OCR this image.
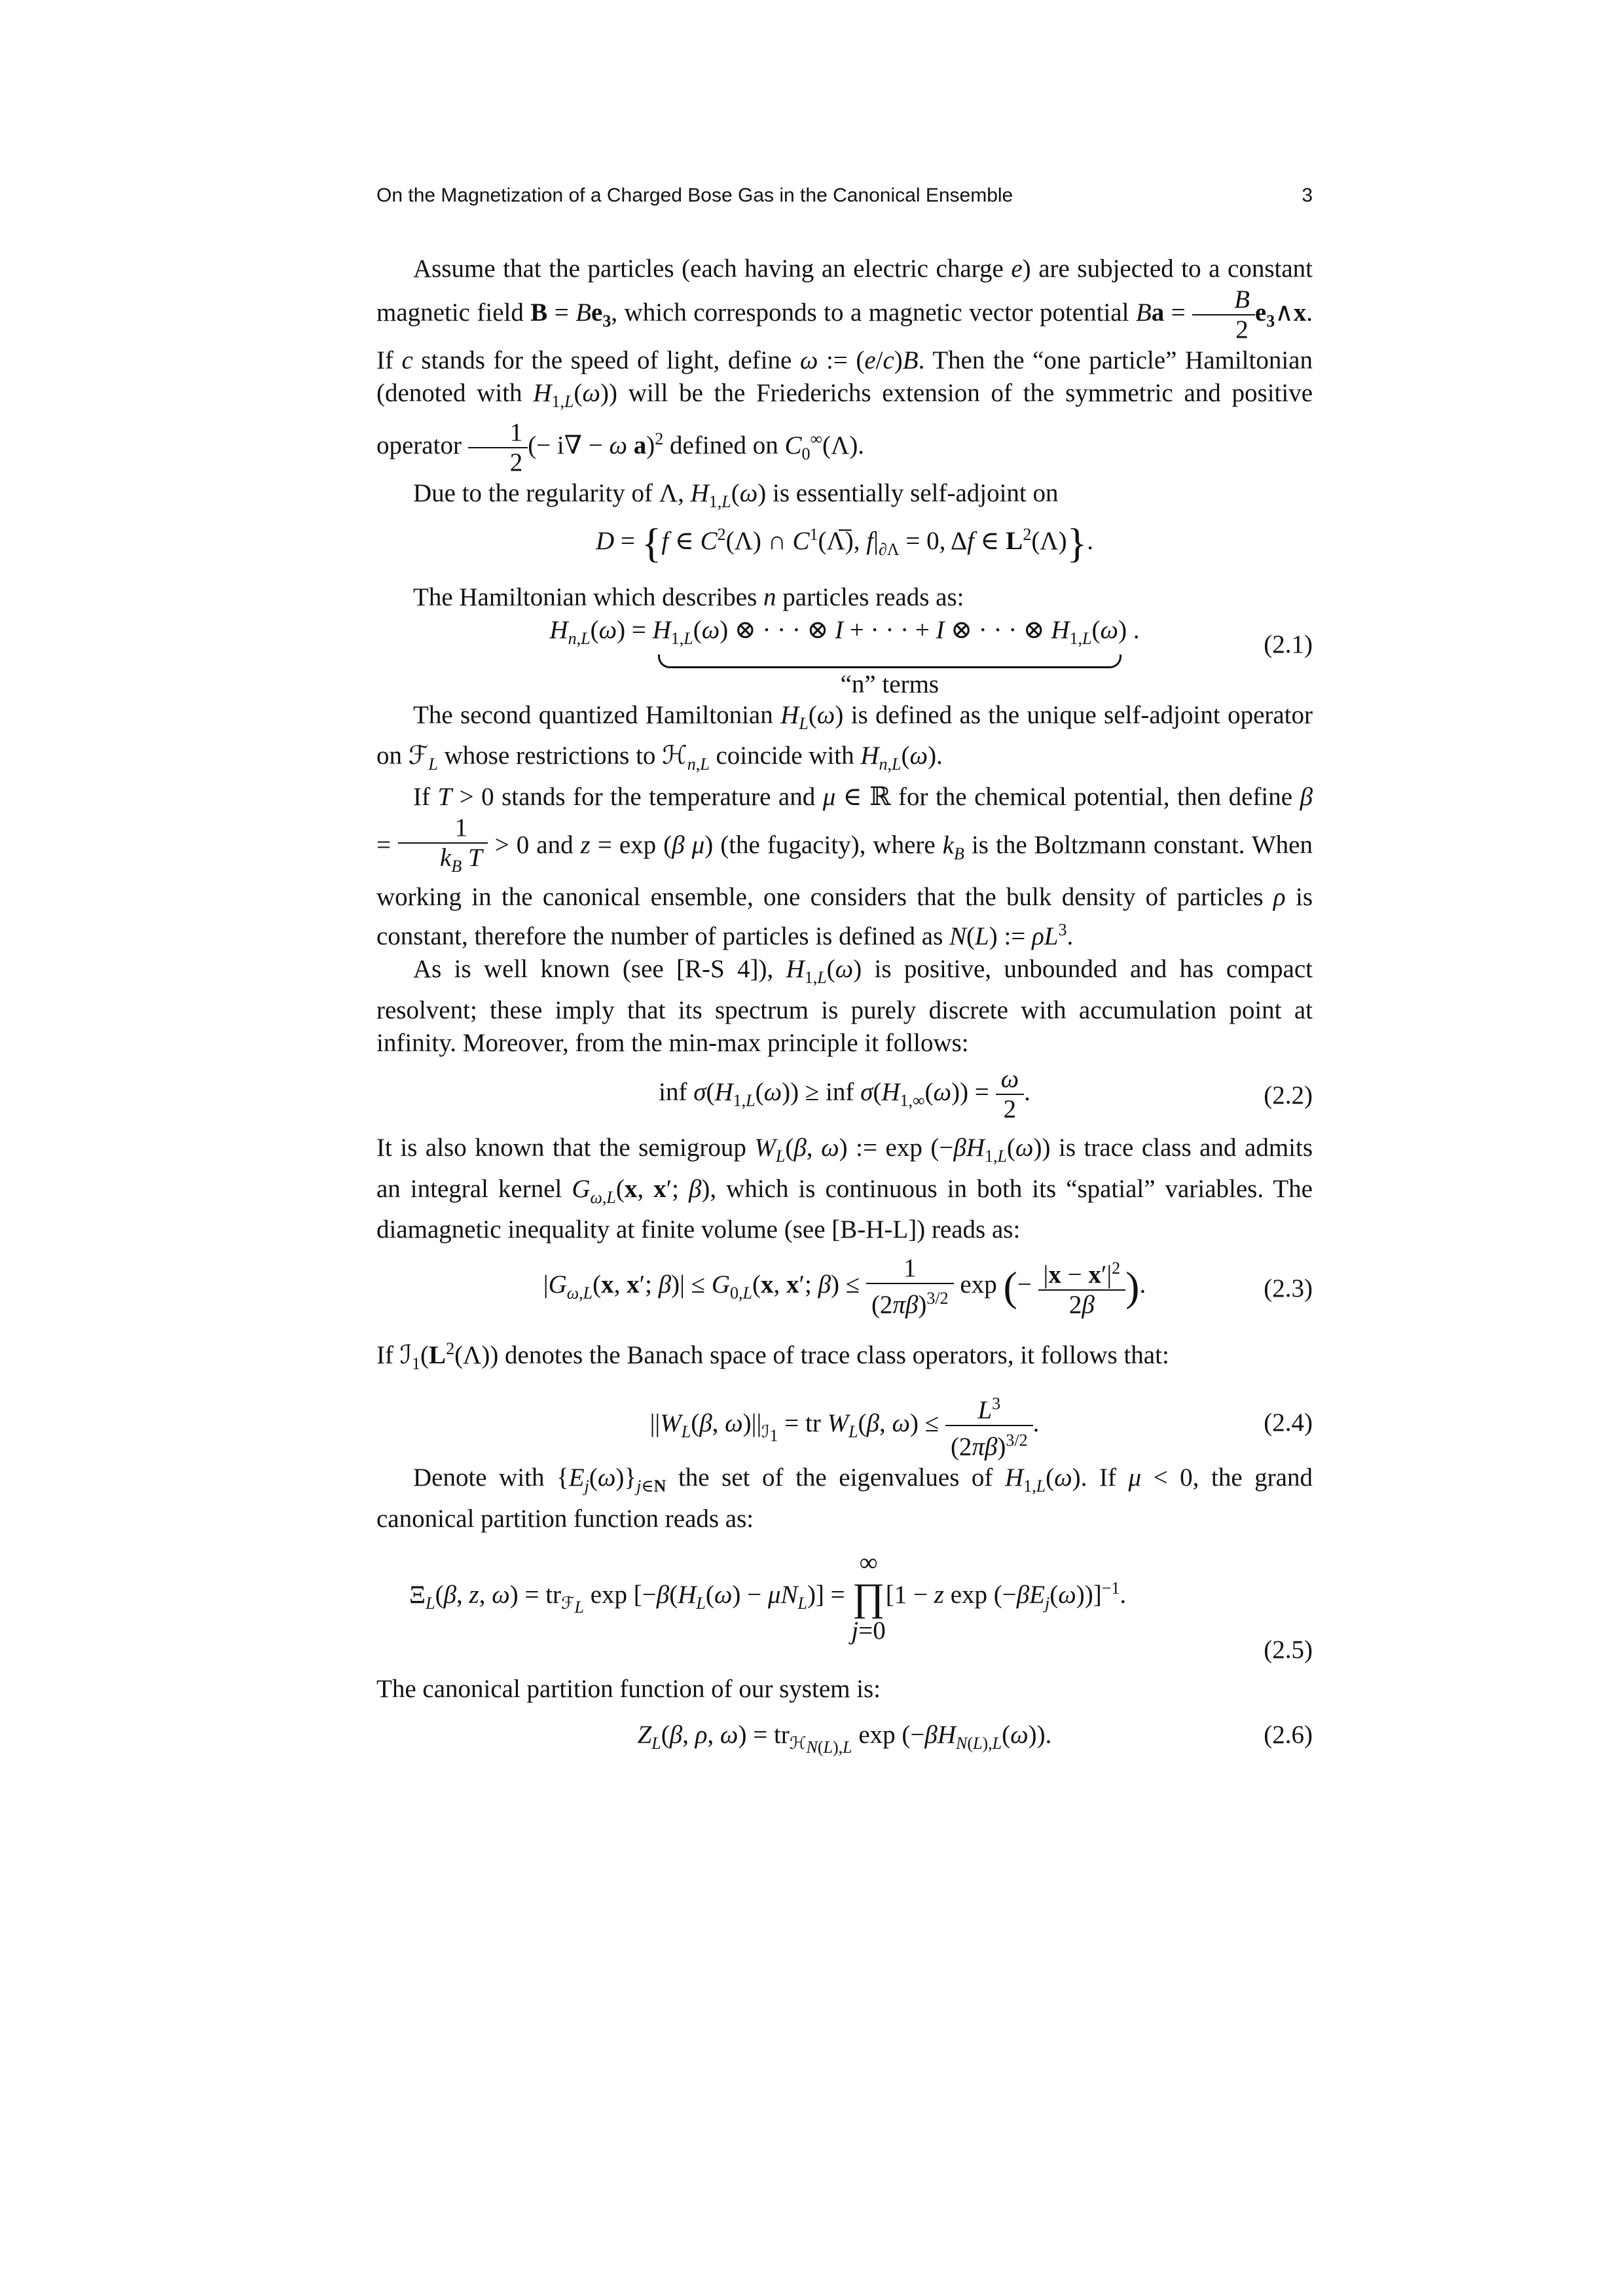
On the Magnetization of a Charged Bose Gas in the Canonical Ensemble	3

Assume that the particles (each having an electric charge e) are subjected to a constant magnetic field $B = Be_3$, which corresponds to a magnetic vector potential $Ba = \frac{B}{2}$ $e_3\wedge x$. If c stands for the speed of light, define ω := (e/c)B. Then the “one particle” Hamiltonian (denoted with $H_{1,L}(\omega)$) will be the Friederichs extension of the symmetric and positive operator $\frac{1}{2}$ (− i∇ − ω a)$^2$ defined on $C_0^\infty(\Lambda)$.

Due to the regularity of Λ, $H_{1,L}(\omega)$ is essentially self-adjoint on

D = {f ∈ $C^2(\Lambda)$ ∩ $C^1(\Lambda̅)$, $f|_{\partial\Lambda} = 0$, Δf ∈ $L^2(\Lambda)$}.

The Hamiltonian which describes n particles reads as:

$H_{n,L}(\omega) = H_{1,L}(\omega)$ ⊗ · · · ⊗ I + · · · + I ⊗ · · · ⊗ $H_{1,L}(\omega)$
“n” terms
.
(2.1)

The second quantized Hamiltonian $H_L(\omega)$ is defined as the unique self-adjoint operator on ℱ$_L$ whose restrictions to ℋ$_{n,L}$ coincide with $H_{n,L}(\omega)$.

If T > 0 stands for the temperature and μ ∈ ℝ for the chemical potential, then define $\beta = \frac{1}{k_B T} > 0$ and z = exp (β μ) (the fugacity), where $k_B$ is the Boltzmann constant. When working in the canonical ensemble, one considers that the bulk density of particles ρ is constant, therefore the number of particles is defined as N(L) := $\rho L^3$.

As is well known (see [R-S 4]), $H_{1,L}(\omega)$ is positive, unbounded and has compact resolvent; these imply that its spectrum is purely discrete with accumulation point at infinity. Moreover, from the min-max principle it follows:

inf $\sigma(H_{1,L}(\omega))$ ≥ inf $\sigma(H_{1,\infty}(\omega)) = \frac{\omega}{2}$ .	(2.2)

It is also known that the semigroup $W_L(\beta$, ω) := $\exp (-\beta H_{1,L}(\omega))$ is trace class and admits an integral kernel $G_{\omega,L}(x$, x′; β), which is continuous in both its “spatial” variables. The diamagnetic inequality at finite volume (see [B-H-L]) reads as:

$|G_{\omega,L}(x$, x′; $\beta)| \le G_{0,L}(x$, x′; $\beta) \le \frac{1}{(2\pi\beta)^{3/2}}$ exp (− $\frac{|x - x'|^2}{2\beta}$ ).	(2.3)

If $ℐ_1(L^2(\Lambda))$ denotes the Banach space of trace class operators, it follows that:

$||W_L(\beta$, $\omega)||_{ℐ_1}$ = tr $W_L(\beta$, $\omega) \le \frac{L^3}{(2\pi\beta)^{3/2}}$ .	(2.4)

Denote with $\{E_j(\omega)\}_{j\in N}$ the set of the eigenvalues of $H_{1,L}(\omega)$. If μ < 0, the grand canonical partition function reads as:

$\Xi_L(\beta$, z, $\omega) = tr_{ℱ_L}$ $\exp [-\beta(H_L(\omega) - \mu N_L)]$ = ∞
∏
j=0[1 − z $\exp (-\beta E_j(\omega))]^{-1}$.
(2.5)

The canonical partition function of our system is:

$Z_L(\beta$, ρ, $\omega) = tr_{ℋ_{N(L),L}}$ $\exp (-\beta H_{N(L),L}(\omega))$.	(2.6)
